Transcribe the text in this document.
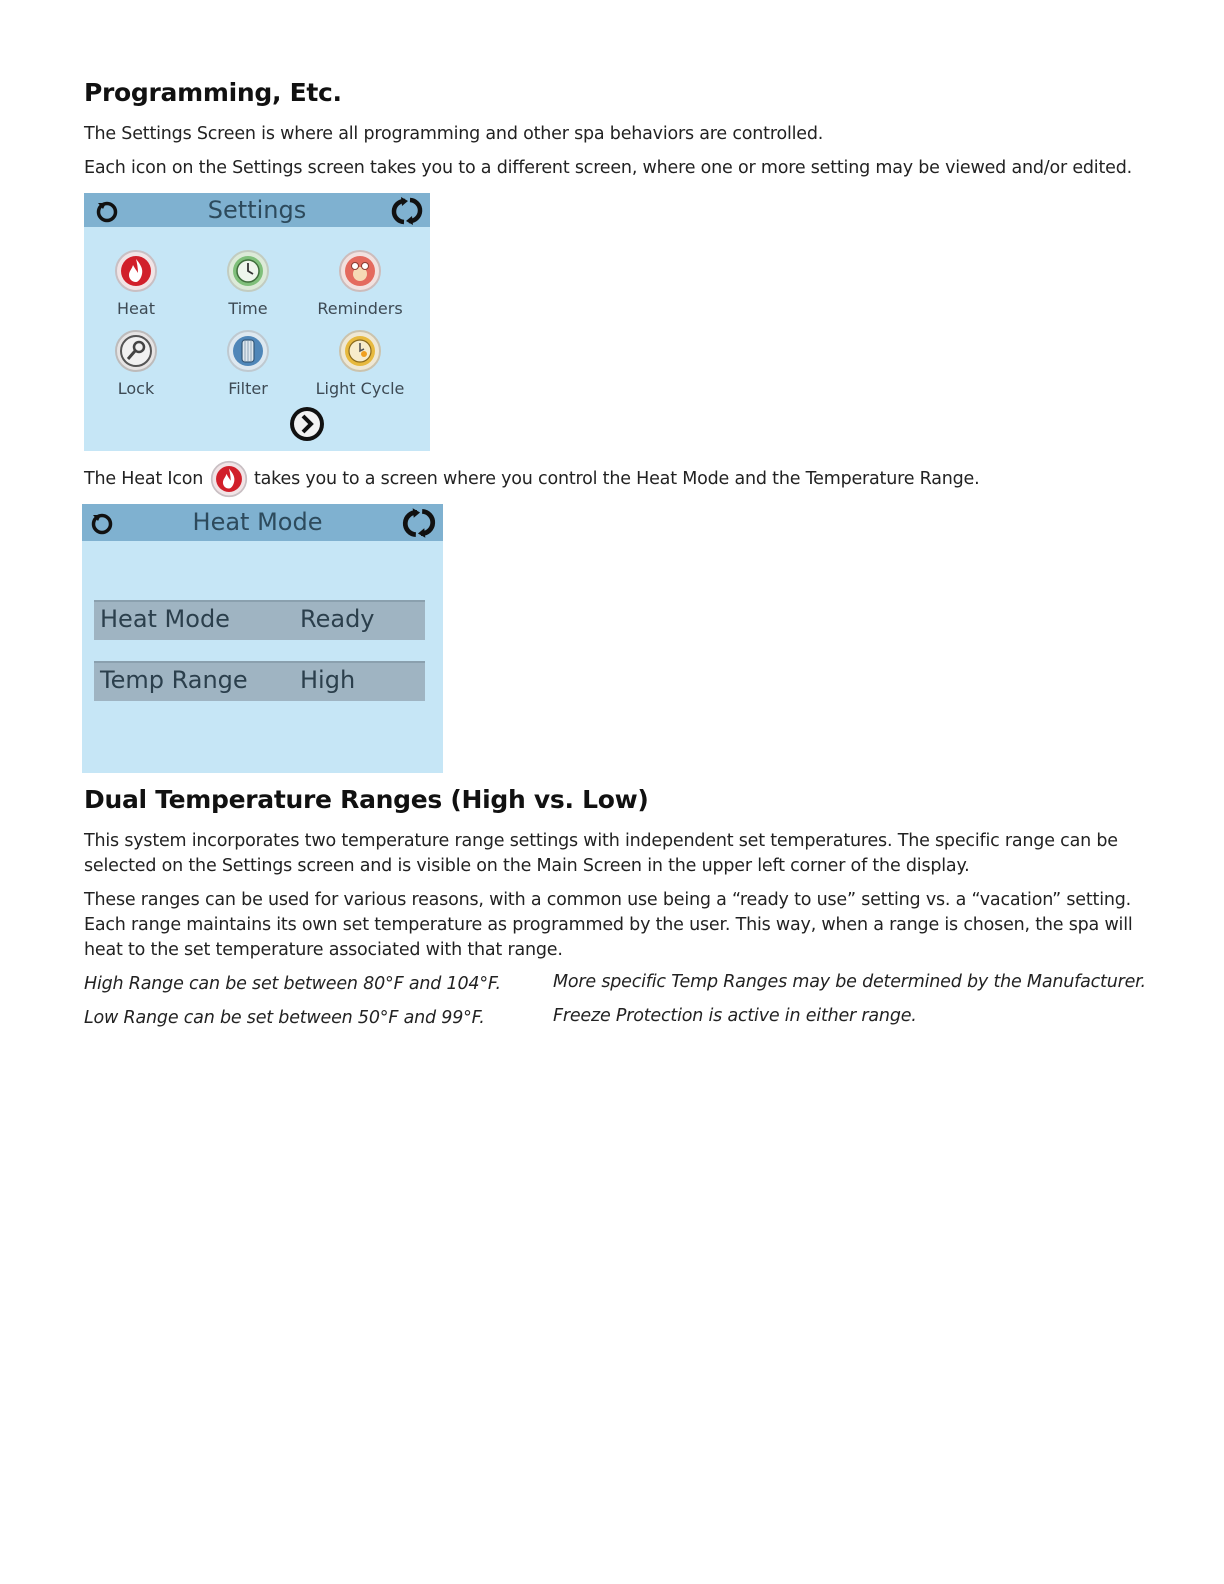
Programming, Etc.

The Settings Screen is where all programming and other spa behaviors are controlled.

Each icon on the Settings screen takes you to a different screen, where one or more setting may be viewed and/or edited.

Settings
Heat	Time	Reminders
Lock	Filter	Light Cycle
The Heat Icon	takes you to a screen where you control the Heat Mode and the Temperature Range.
Heat Mode
Heat Mode	Ready
Temp Range High
Dual Temperature Ranges (High vs. Low)

This system incorporates two temperature range settings with independent set temperatures. The specific range can be selected on the Settings screen and is visible on the Main Screen in the upper left corner of the display.

These ranges can be used for various reasons, with a common use being a “ready to use” setting vs. a “vacation” setting. Each range maintains its own set temperature as programmed by the user. This way, when a range is chosen, the spa will heat to the set temperature associated with that range.

High Range can be set between 80°F and 104°F.
Low Range can be set between 50°F and 99°F.
More specific Temp Ranges may be determined by the Manufacturer.
Freeze Protection is active in either range.
